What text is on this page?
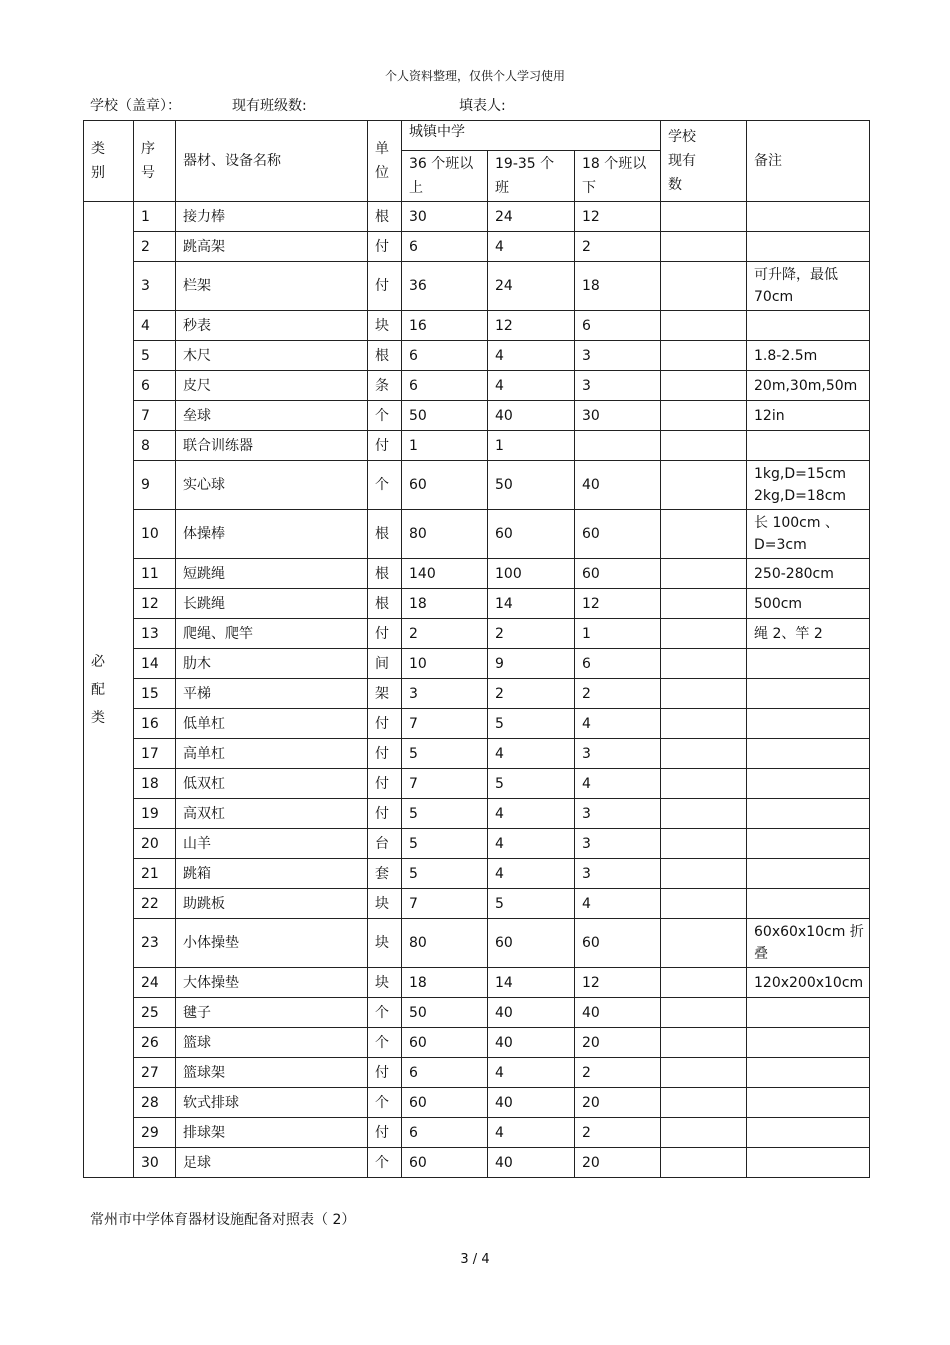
个人资料整理，仅供个人学习使用
学校（盖章）：	现有班级数:	填表人:
类别	序号	器材、设备名称	单位	城镇中学			学校现有数	备注
				36 个班以上	19-35 个班	18 个班以下		
必配类	1	接力棒	根	30	24	12		
	2	跳高架	付	6	4	2		
	3	栏架	付	36	24	18		可升降，最低70cm
	4	秒表	块	16	12	6		
	5	木尺	根	6	4	3		1.8-2.5m
	6	皮尺	条	6	4	3		20m,30m,50m
	7	垒球	个	50	40	30		12in
	8	联合训练器	付	1	1			
	9	实心球	个	60	50	40		1kg,D=15cm 2kg,D=18cm
	10	体操棒	根	80	60	60		长 100cm 、D=3cm
	11	短跳绳	根	140	100	60		250-280cm
	12	长跳绳	根	18	14	12		500cm
	13	爬绳、爬竿	付	2	2	1		绳 2、竿 2
	14	肋木	间	10	9	6		
	15	平梯	架	3	2	2		
	16	低单杠	付	7	5	4		
	17	高单杠	付	5	4	3		
	18	低双杠	付	7	5	4		
	19	高双杠	付	5	4	3		
	20	山羊	台	5	4	3		
	21	跳箱	套	5	4	3		
	22	助跳板	块	7	5	4		
	23	小体操垫	块	80	60	60		60x60x10cm 折叠
	24	大体操垫	块	18	14	12		120x200x10cm
	25	毽子	个	50	40	40		
	26	篮球	个	60	40	20		
	27	篮球架	付	6	4	2		
	28	软式排球	个	60	40	20		
	29	排球架	付	6	4	2		
	30	足球	个	60	40	20		
常州市中学体育器材设施配备对照表（ 2）
3 / 4
